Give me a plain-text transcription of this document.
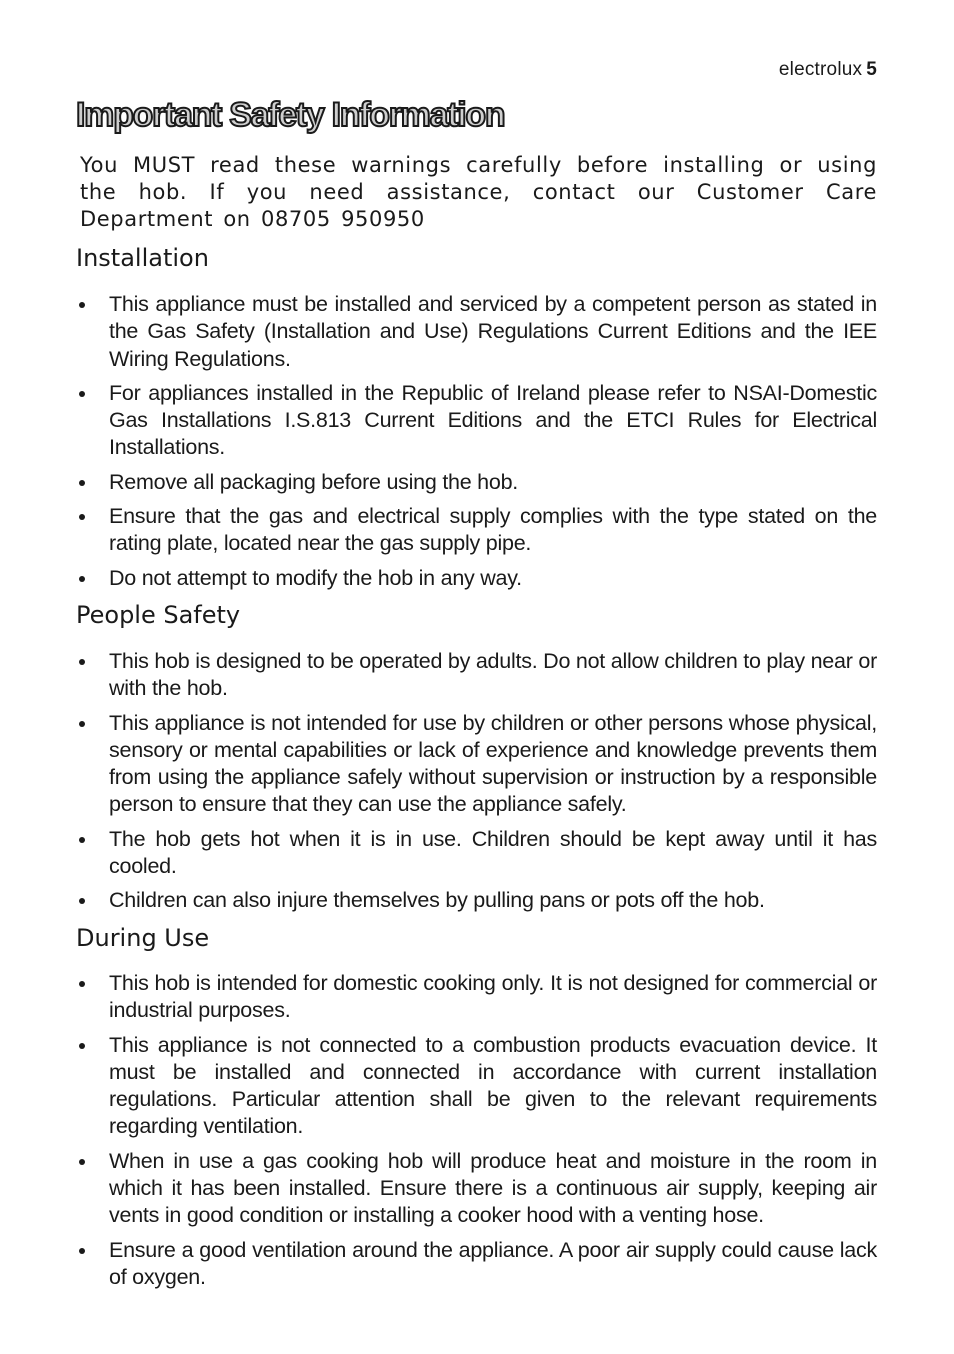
electrolux 5
Important Safety Information

You MUST read these warnings carefully before installing or using the hob. If you need assistance, contact our Customer Care Department on 08705 950950

Installation
This appliance must be installed and serviced by a competent person as stated in the Gas Safety (Installation and Use) Regulations Current Editions and the IEE Wiring Regulations.
For appliances installed in the Republic of Ireland please refer to NSAI-Domestic Gas Installations I.S.813 Current Editions and the ETCI Rules for Electrical Installations.
Remove all packaging before using the hob.
Ensure that the gas and electrical supply complies with the type stated on the rating plate, located near the gas supply pipe.
Do not attempt to modify the hob in any way.
People Safety
This hob is designed to be operated by adults. Do not allow children to play near or with the hob.
This appliance is not intended for use by children or other persons whose physical, sensory or mental capabilities or lack of experience and knowledge prevents them from using the appliance safely without supervision or instruction by a responsible person to ensure that they can use the appliance safely.
The hob gets hot when it is in use. Children should be kept away until it has cooled.
Children can also injure themselves by pulling pans or pots off the hob.
During Use
This hob is intended for domestic cooking only. It is not designed for commercial or industrial purposes.
This appliance is not connected to a combustion products evacuation device. It must be installed and connected in accordance with current installation regulations. Particular attention shall be given to the relevant requirements regarding ventilation.
When in use a gas cooking hob will produce heat and moisture in the room in which it has been installed. Ensure there is a continuous air supply, keeping air vents in good condition or installing a cooker hood with a venting hose.
Ensure a good ventilation around the appliance. A poor air supply could cause lack of oxygen.
